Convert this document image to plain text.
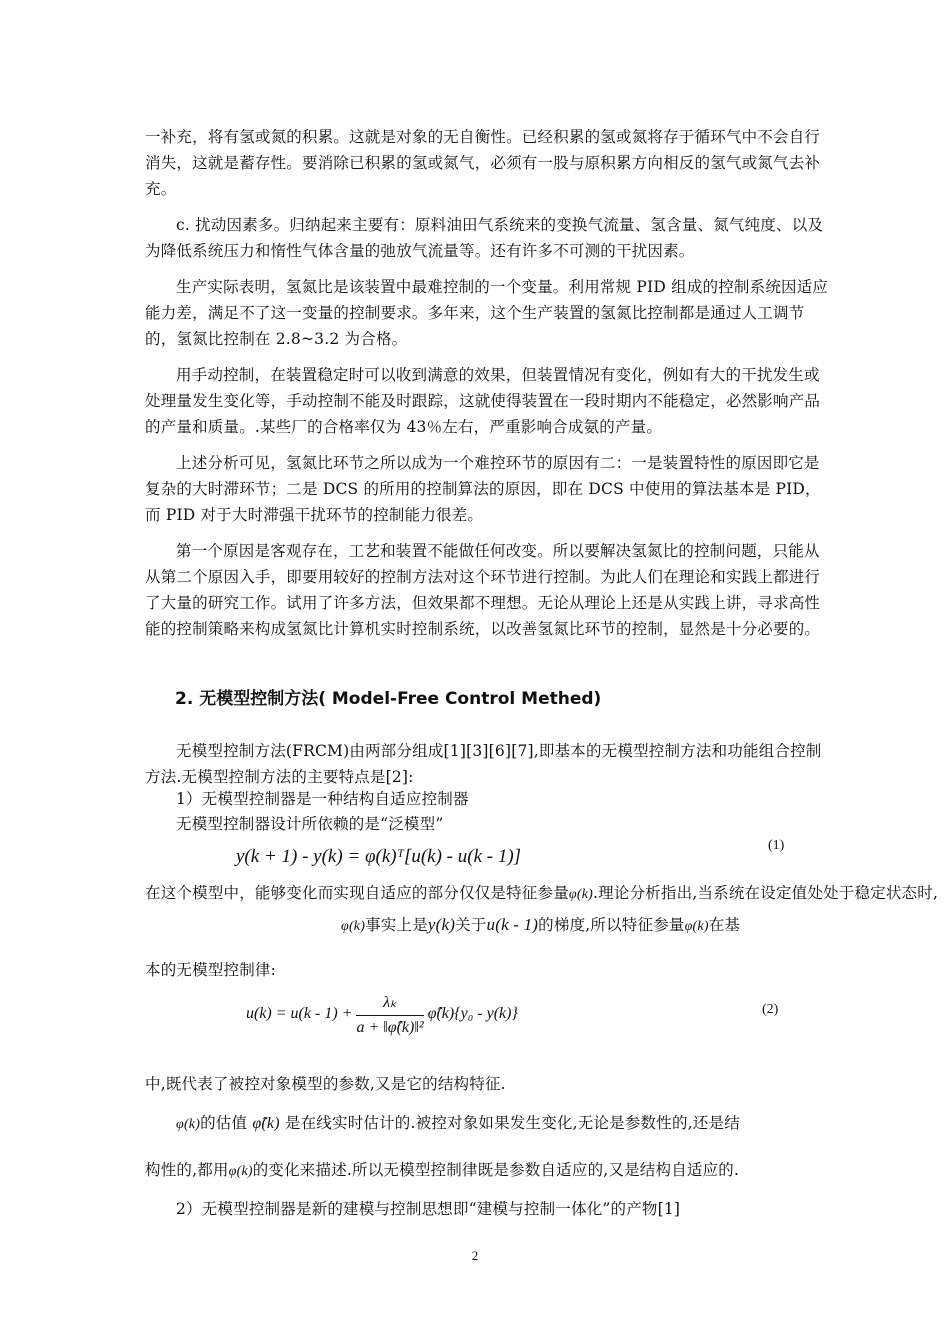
一补充，将有氢或氮的积累。这就是对象的无自衡性。已经积累的氢或氮将存于循环气中不会自行消失，这就是蓄存性。要消除已积累的氢或氮气，必须有一股与原积累方向相反的氢气或氮气去补充。

c. 扰动因素多。归纳起来主要有：原料油田气系统来的变换气流量、氢含量、氮气纯度、以及为降低系统压力和惰性气体含量的弛放气流量等。还有许多不可测的干扰因素。

生产实际表明，氢氮比是该装置中最难控制的一个变量。利用常规 PID 组成的控制系统因适应能力差，满足不了这一变量的控制要求。多年来，这个生产装置的氢氮比控制都是通过人工调节的，氢氮比控制在 2.8~3.2 为合格。

用手动控制，在装置稳定时可以收到满意的效果，但装置情况有变化，例如有大的干扰发生或处理量发生变化等，手动控制不能及时跟踪，这就使得装置在一段时期内不能稳定，必然影响产品的产量和质量。.某些厂的合格率仅为 43％左右，严重影响合成氨的产量。

上述分析可见，氢氮比环节之所以成为一个难控环节的原因有二：一是装置特性的原因即它是复杂的大时滞环节；二是 DCS 的所用的控制算法的原因，即在 DCS 中使用的算法基本是 PID，而 PID 对于大时滞强干扰环节的控制能力很差。

第一个原因是客观存在，工艺和装置不能做任何改变。所以要解决氢氮比的控制问题，只能从从第二个原因入手，即要用较好的控制方法对这个环节进行控制。为此人们在理论和实践上都进行了大量的研究工作。试用了许多方法，但效果都不理想。无论从理论上还是从实践上讲，寻求高性能的控制策略来构成氢氮比计算机实时控制系统，以改善氢氮比环节的控制，显然是十分必要的。

2. 无模型控制方法( Model-Free Control Methed)

无模型控制方法(FRCM)由两部分组成[1][3][6][7],即基本的无模型控制方法和功能组合控制方法.无模型控制方法的主要特点是[2]:

1）无模型控制器是一种结构自适应控制器

无模型控制器设计所依赖的是“泛模型”

y(k + 1) - y(k) = φ(k)ᵀ[u(k) - u(k - 1)]
(1)
在这个模型中，能够变化而实现自适应的部分仅仅是特征参量φ(k).理论分析指出,当系统在设定值处处于稳定状态时,
φ(k)事实上是y(k)关于u(k - 1)的梯度,所以特征参量φ(k)在基

本的无模型控制律:

$u(k) = u(k - 1) + \frac{\text{λₖ}}{\text{a + ‖φ̂(k)‖²}}$ φ̂(k){y₀ - y(k)}	(2)

中,既代表了被控对象模型的参数,又是它的结构特征.

φ(k)的估值 φ̂(k) 是在线实时估计的.被控对象如果发生变化,无论是参数性的,还是结
构性的,都用φ(k)的变化来描述.所以无模型控制律既是参数自适应的,又是结构自适应的.

2）无模型控制器是新的建模与控制思想即“建模与控制一体化”的产物[1]

2
